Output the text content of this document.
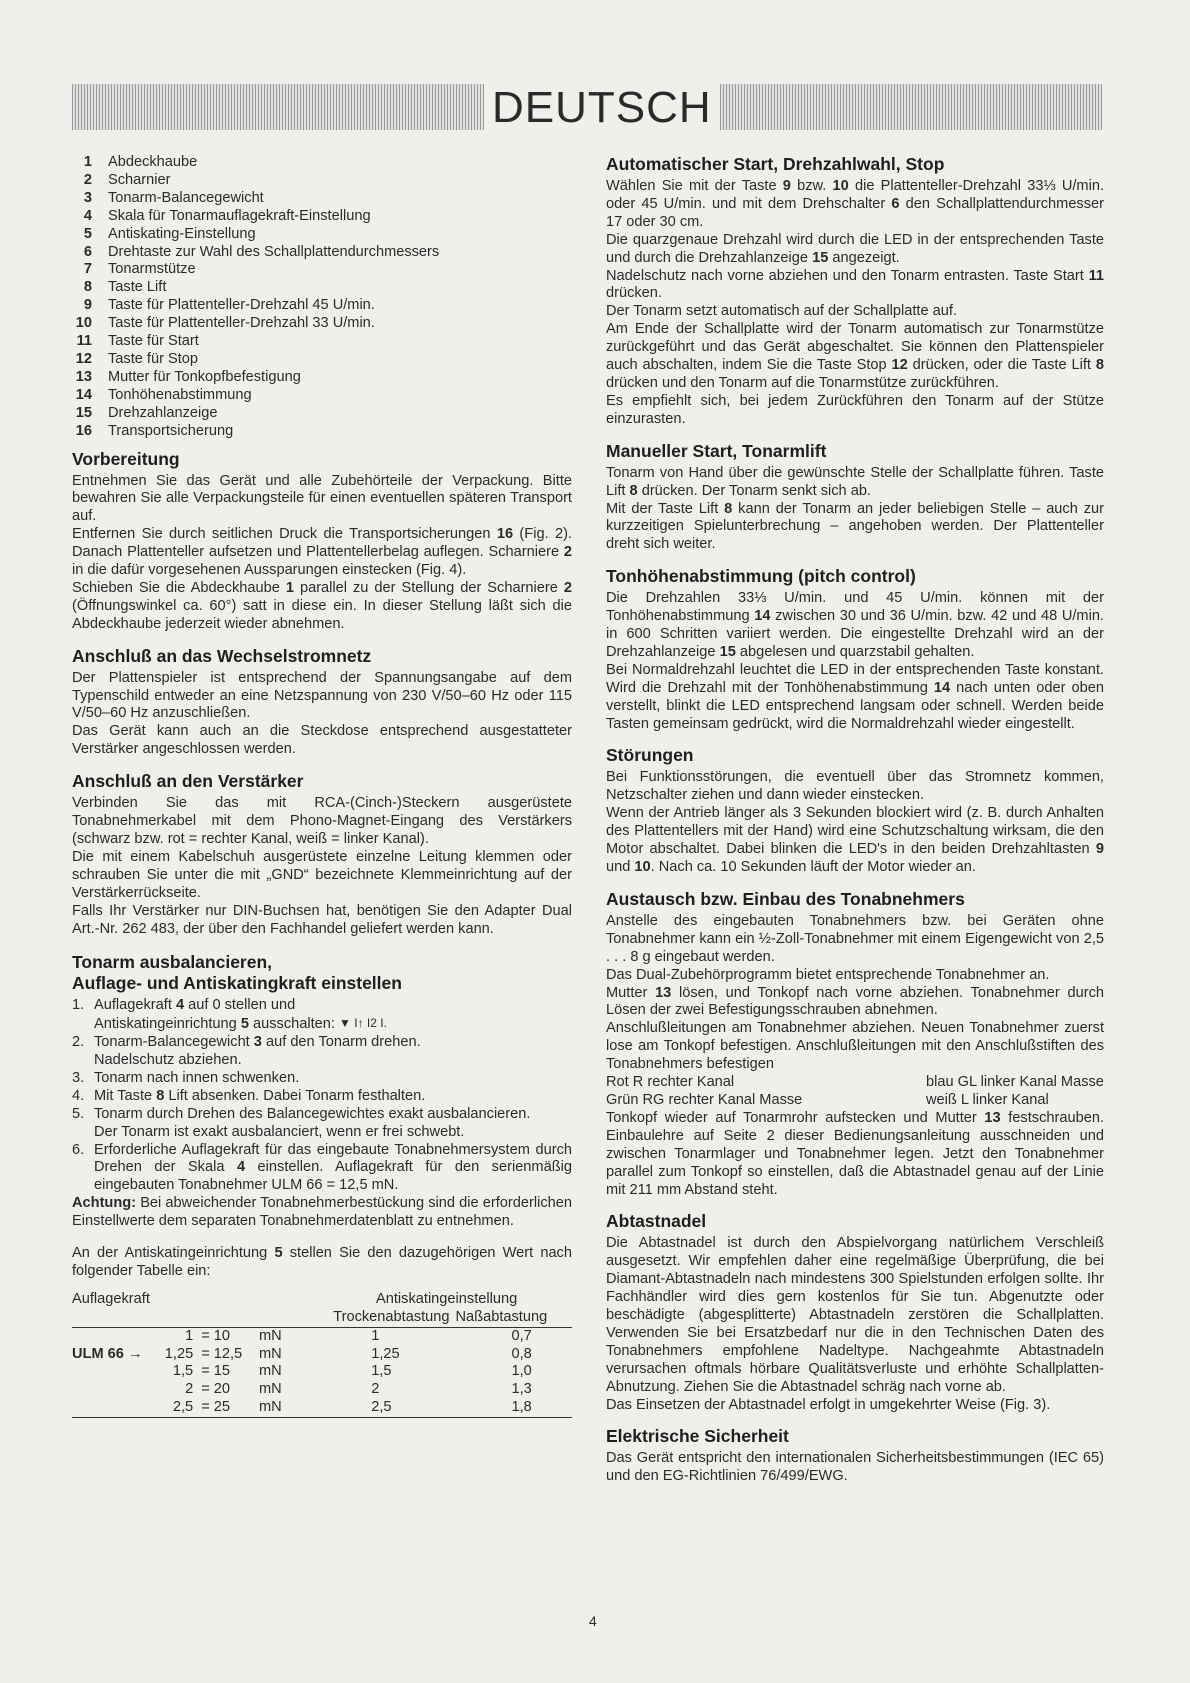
DEUTSCH
1 Abdeckhaube
2 Scharnier
3 Tonarm-Balancegewicht
4 Skala für Tonarmauflagekraft-Einstellung
5 Antiskating-Einstellung
6 Drehtaste zur Wahl des Schallplattendurchmessers
7 Tonarmstütze
8 Taste Lift
9 Taste für Plattenteller-Drehzahl 45 U/min.
10 Taste für Plattenteller-Drehzahl 33 U/min.
11 Taste für Start
12 Taste für Stop
13 Mutter für Tonkopfbefestigung
14 Tonhöhenabstimmung
15 Drehzahlanzeige
16 Transportsicherung
Vorbereitung

Entnehmen Sie das Gerät und alle Zubehörteile der Verpackung. Bitte bewahren Sie alle Verpackungsteile für einen eventuellen späteren Transport auf.

Entfernen Sie durch seitlichen Druck die Transportsicherungen 16 (Fig. 2). Danach Plattenteller aufsetzen und Plattentellerbelag auflegen. Scharniere 2 in die dafür vorgesehenen Aussparungen einstecken (Fig. 4).

Schieben Sie die Abdeckhaube 1 parallel zu der Stellung der Scharniere 2 (Öffnungswinkel ca. 60°) satt in diese ein. In dieser Stellung läßt sich die Abdeckhaube jederzeit wieder abnehmen.

Anschluß an das Wechselstromnetz

Der Plattenspieler ist entsprechend der Spannungsangabe auf dem Typenschild entweder an eine Netzspannung von 230 V/50–60 Hz oder 115 V/50–60 Hz anzuschließen.

Das Gerät kann auch an die Steckdose entsprechend ausgestatteter Verstärker angeschlossen werden.

Anschluß an den Verstärker

Verbinden Sie das mit RCA-(Cinch-)Steckern ausgerüstete Tonabnehmerkabel mit dem Phono-Magnet-Eingang des Verstärkers (schwarz bzw. rot = rechter Kanal, weiß = linker Kanal).

Die mit einem Kabelschuh ausgerüstete einzelne Leitung klemmen oder schrauben Sie unter die mit „GND“ bezeichnete Klemmeinrichtung auf der Verstärkerrückseite.

Falls Ihr Verstärker nur DIN-Buchsen hat, benötigen Sie den Adapter Dual Art.-Nr. 262 483, der über den Fachhandel geliefert werden kann.

Tonarm ausbalancieren,
Auflage- und Antiskatingkraft einstellen
1. Auflagekraft 4 auf 0 stellen und
Antiskatingeinrichtung 5 ausschalten: ▼ I↑ I2 I.
2. Tonarm-Balancegewicht 3 auf den Tonarm drehen.
Nadelschutz abziehen.
3. Tonarm nach innen schwenken.
4. Mit Taste 8 Lift absenken. Dabei Tonarm festhalten.
5. Tonarm durch Drehen des Balancegewichtes exakt ausbalancieren.
Der Tonarm ist exakt ausbalanciert, wenn er frei schwebt.
6. Erforderliche Auflagekraft für das eingebaute Tonabnehmersystem durch Drehen der Skala 4 einstellen. Auflagekraft für den serienmäßig eingebauten Tonabnehmer ULM 66 = 12,5 mN.

Achtung: Bei abweichender Tonabnehmerbestückung sind die erforderlichen Einstellwerte dem separaten Tonabnehmerdatenblatt zu entnehmen.

An der Antiskatingeinrichtung 5 stellen Sie den dazugehörigen Wert nach folgender Tabelle ein:

Auflagekraft				Antiskatingeinstellung	
				Trockenabtastung	Naßabtastung
	1	= 10	mN	1	0,7
ULM 66 →	1,25	= 12,5	mN	1,25	0,8
	1,5	= 15	mN	1,5	1,0
	2	= 20	mN	2	1,3
	2,5	= 25	mN	2,5	1,8
Automatischer Start, Drehzahlwahl, Stop

Wählen Sie mit der Taste 9 bzw. 10 die Plattenteller-Drehzahl 33⅓ U/min. oder 45 U/min. und mit dem Drehschalter 6 den Schallplattendurchmesser 17 oder 30 cm.

Die quarzgenaue Drehzahl wird durch die LED in der entsprechenden Taste und durch die Drehzahlanzeige 15 angezeigt.

Nadelschutz nach vorne abziehen und den Tonarm entrasten. Taste Start 11 drücken.

Der Tonarm setzt automatisch auf der Schallplatte auf.

Am Ende der Schallplatte wird der Tonarm automatisch zur Tonarmstütze zurückgeführt und das Gerät abgeschaltet. Sie können den Plattenspieler auch abschalten, indem Sie die Taste Stop 12 drücken, oder die Taste Lift 8 drücken und den Tonarm auf die Tonarmstütze zurückführen.

Es empfiehlt sich, bei jedem Zurückführen den Tonarm auf der Stütze einzurasten.

Manueller Start, Tonarmlift

Tonarm von Hand über die gewünschte Stelle der Schallplatte führen. Taste Lift 8 drücken. Der Tonarm senkt sich ab.

Mit der Taste Lift 8 kann der Tonarm an jeder beliebigen Stelle – auch zur kurzzeitigen Spielunterbrechung – angehoben werden. Der Plattenteller dreht sich weiter.

Tonhöhenabstimmung (pitch control)

Die Drehzahlen 33⅓ U/min. und 45 U/min. können mit der Tonhöhenabstimmung 14 zwischen 30 und 36 U/min. bzw. 42 und 48 U/min. in 600 Schritten variiert werden. Die eingestellte Drehzahl wird an der Drehzahlanzeige 15 abgelesen und quarzstabil gehalten.

Bei Normaldrehzahl leuchtet die LED in der entsprechenden Taste konstant. Wird die Drehzahl mit der Tonhöhenabstimmung 14 nach unten oder oben verstellt, blinkt die LED entsprechend langsam oder schnell. Werden beide Tasten gemeinsam gedrückt, wird die Normaldrehzahl wieder eingestellt.

Störungen

Bei Funktionsstörungen, die eventuell über das Stromnetz kommen, Netzschalter ziehen und dann wieder einstecken.

Wenn der Antrieb länger als 3 Sekunden blockiert wird (z. B. durch Anhalten des Plattentellers mit der Hand) wird eine Schutzschaltung wirksam, die den Motor abschaltet. Dabei blinken die LED's in den beiden Drehzahltasten 9 und 10. Nach ca. 10 Sekunden läuft der Motor wieder an.

Austausch bzw. Einbau des Tonabnehmers

Anstelle des eingebauten Tonabnehmers bzw. bei Geräten ohne Tonabnehmer kann ein ½-Zoll-Tonabnehmer mit einem Eigengewicht von 2,5 . . . 8 g eingebaut werden.

Das Dual-Zubehörprogramm bietet entsprechende Tonabnehmer an.

Mutter 13 lösen, und Tonkopf nach vorne abziehen. Tonabnehmer durch Lösen der zwei Befestigungsschrauben abnehmen.

Anschlußleitungen am Tonabnehmer abziehen. Neuen Tonabnehmer zuerst lose am Tonkopf befestigen. Anschlußleitungen mit den Anschlußstiften des Tonabnehmers befestigen

Rot R rechter Kanal	blau GL linker Kanal Masse
Grün RG rechter Kanal Masse	weiß L linker Kanal

Tonkopf wieder auf Tonarmrohr aufstecken und Mutter 13 festschrauben. Einbaulehre auf Seite 2 dieser Bedienungsanleitung ausschneiden und zwischen Tonarmlager und Tonabnehmer legen. Jetzt den Tonabnehmer parallel zum Tonkopf so einstellen, daß die Abtastnadel genau auf der Linie mit 211 mm Abstand steht.

Abtastnadel

Die Abtastnadel ist durch den Abspielvorgang natürlichem Verschleiß ausgesetzt. Wir empfehlen daher eine regelmäßige Überprüfung, die bei Diamant-Abtastnadeln nach mindestens 300 Spielstunden erfolgen sollte. Ihr Fachhändler wird dies gern kostenlos für Sie tun. Abgenutzte oder beschädigte (abgesplitterte) Abtastnadeln zerstören die Schallplatten. Verwenden Sie bei Ersatzbedarf nur die in den Technischen Daten des Tonabnehmers empfohlene Nadeltype. Nachgeahmte Abtastnadeln verursachen oftmals hörbare Qualitätsverluste und erhöhte Schallplatten-Abnutzung. Ziehen Sie die Abtastnadel schräg nach vorne ab.

Das Einsetzen der Abtastnadel erfolgt in umgekehrter Weise (Fig. 3).

Elektrische Sicherheit

Das Gerät entspricht den internationalen Sicherheitsbestimmungen (IEC 65) und den EG-Richtlinien 76/499/EWG.

4
